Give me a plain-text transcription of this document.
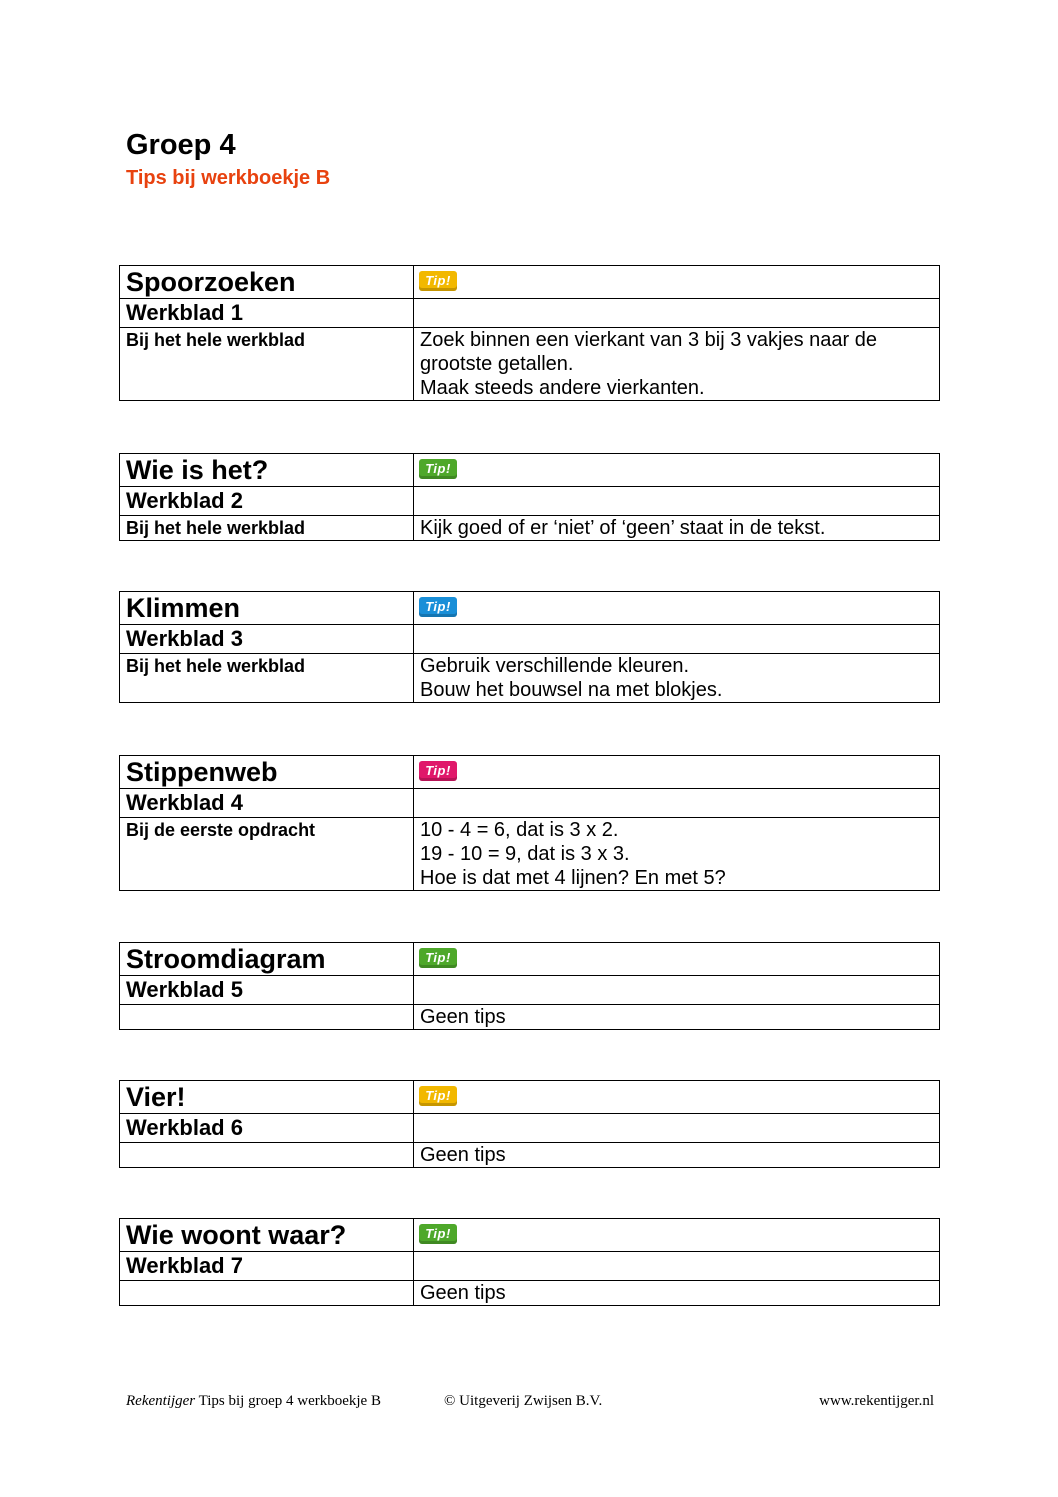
Groep 4
Tips bij werkboekje B
Spoorzoeken	Tip!
Werkblad 1	
Bij het hele werkblad	Zoek binnen een vierkant van 3 bij 3 vakjes naar de
grootste getallen.
Maak steeds andere vierkanten.
Wie is het?	Tip!
Werkblad 2	
Bij het hele werkblad	Kijk goed of er ‘niet’ of ‘geen’ staat in de tekst.
Klimmen	Tip!
Werkblad 3	
Bij het hele werkblad	Gebruik verschillende kleuren.
Bouw het bouwsel na met blokjes.
Stippenweb	Tip!
Werkblad 4	
Bij de eerste opdracht	10 - 4 = 6, dat is 3 x 2.
19 - 10 = 9, dat is 3 x 3.
Hoe is dat met 4 lijnen? En met 5?
Stroomdiagram	Tip!
Werkblad 5	

	Geen tips
Vier!	Tip!
Werkblad 6	

	Geen tips
Wie woont waar?	Tip!
Werkblad 7	

	Geen tips
Rekentijger Tips bij groep 4 werkboekje B	© Uitgeverij Zwijsen B.V.	www.rekentijger.nl
